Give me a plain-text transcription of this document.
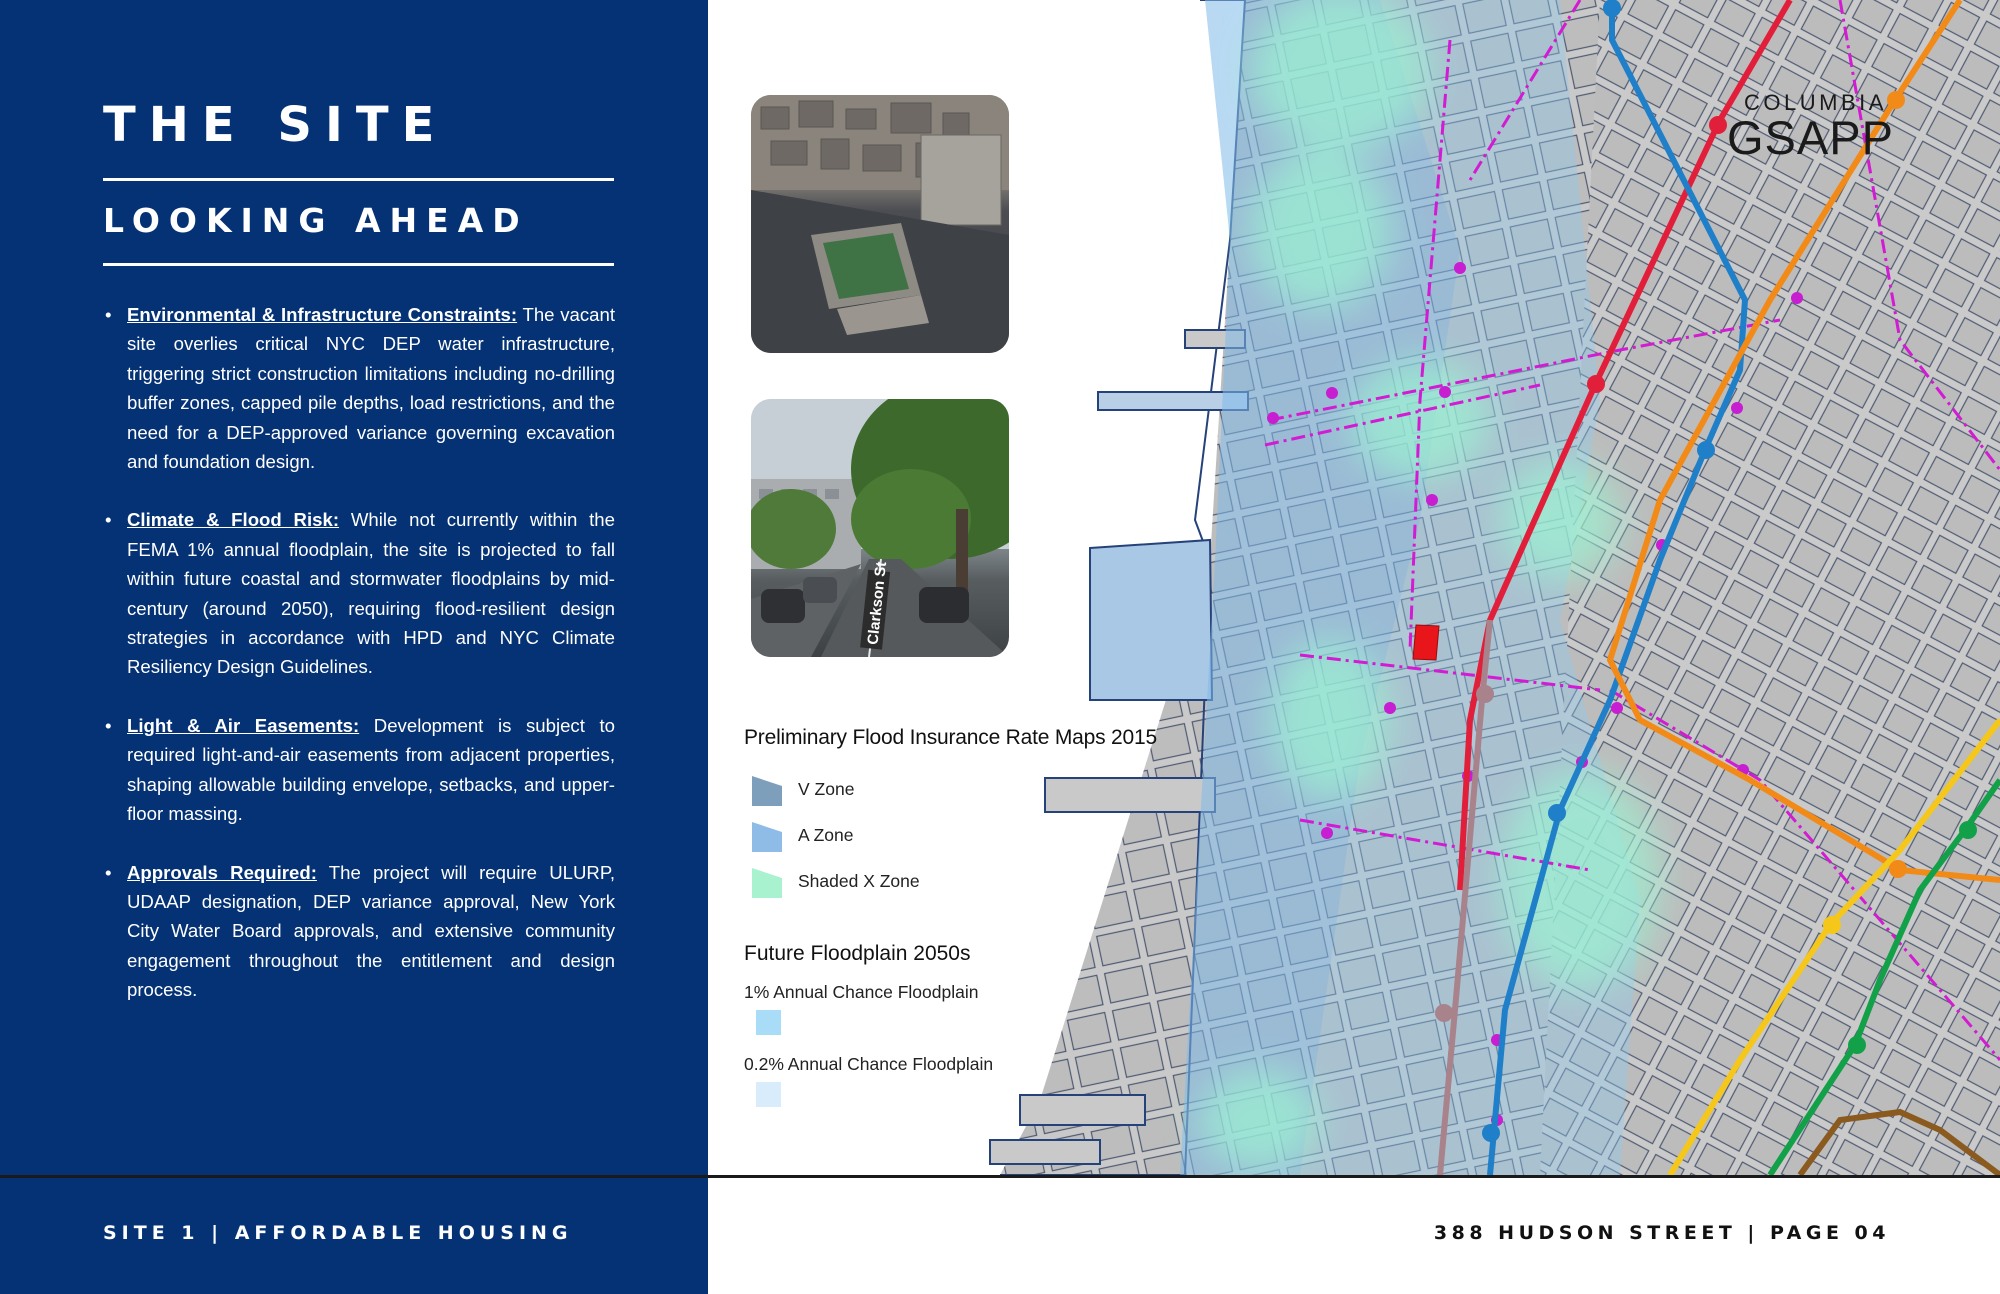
THE SITE
LOOKING AHEAD
• Environmental & Infrastructure Constraints: The vacant site overlies critical NYC DEP water infrastructure, triggering strict construction limitations including no-drilling buffer zones, capped pile depths, load restrictions, and the need for a DEP-approved variance governing excavation and foundation design.
• Climate & Flood Risk: While not currently within the FEMA 1% annual floodplain, the site is projected to fall within future coastal and stormwater floodplains by mid-century (around 2050), requiring flood-resilient design strategies in accordance with HPD and NYC Climate Resiliency Design Guidelines.
• Light & Air Easements: Development is subject to required light-and-air easements from adjacent properties, shaping allowable building envelope, setbacks, and upper-floor massing.
• Approvals Required: The project will require ULURP, UDAAP designation, DEP variance approval, New York City Water Board approvals, and extensive community engagement throughout the entitlement and design process.
Clarkson St
Preliminary Flood Insurance Rate Maps 2015
V Zone
A Zone
Shaded X Zone
Future Floodplain 2050s
1% Annual Chance Floodplain
0.2% Annual Chance Floodplain
COLUMBIA
GSAPP
SITE 1 | AFFORDABLE HOUSING	388 HUDSON STREET | PAGE 04
